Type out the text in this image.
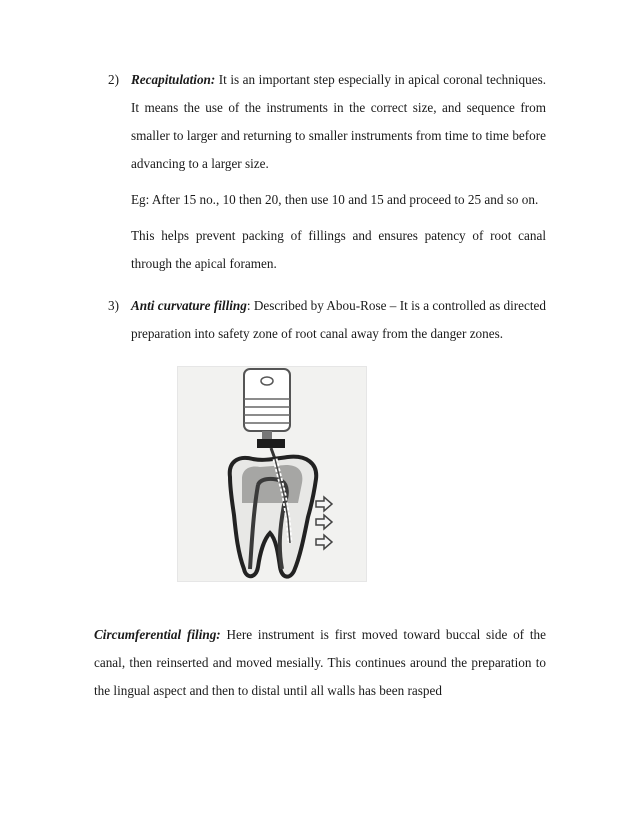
2) Recapitulation: It is an important step especially in apical coronal techniques. It means the use of the instruments in the correct size, and sequence from smaller to larger and returning to smaller instruments from time to time before advancing to a larger size.

Eg: After 15 no., 10 then 20, then use 10 and 15 and proceed to 25 and so on.

This helps prevent packing of fillings and ensures patency of root canal through the apical foramen.

3) Anti curvature filling: Described by Abou-Rose – It is a controlled as directed preparation into safety zone of root canal away from the danger zones.

Circumferential filing: Here instrument is first moved toward buccal side of the canal, then reinserted and moved mesially. This continues around the preparation to the lingual aspect and then to distal until all walls has been rasped
